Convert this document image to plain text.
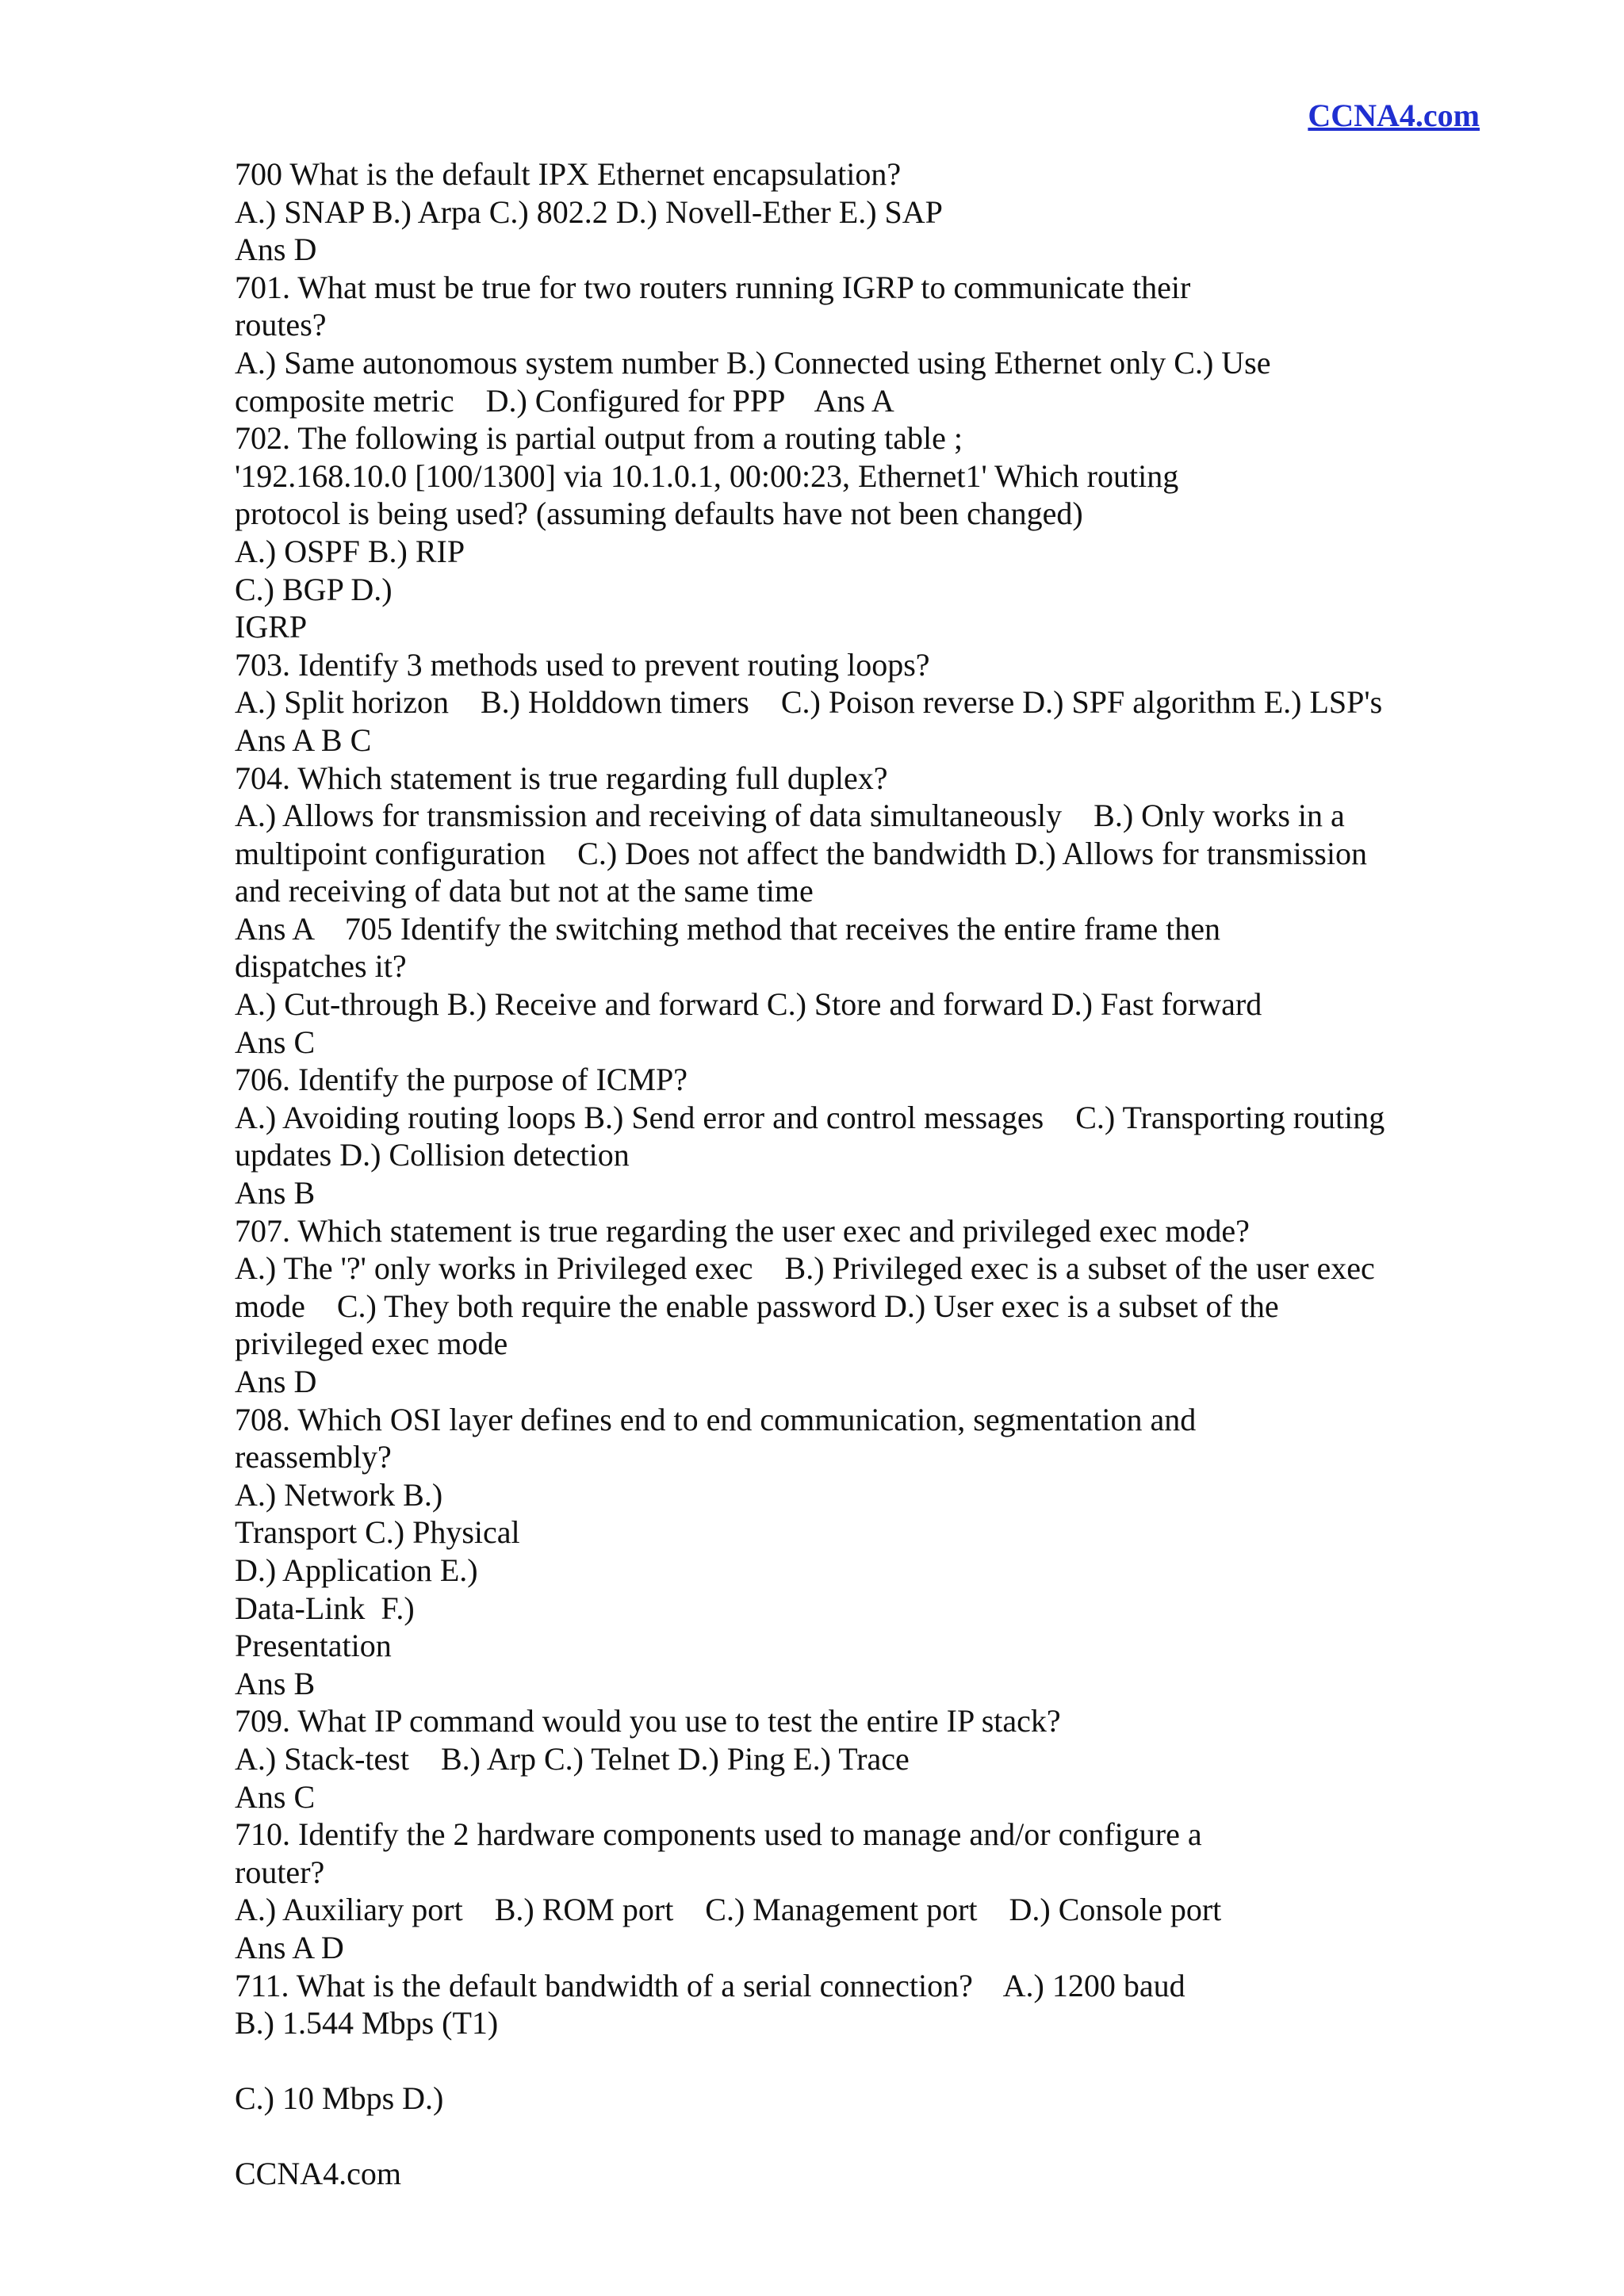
CCNA4.com
700 What is the default IPX Ethernet encapsulation?
A.) SNAP B.) Arpa C.) 802.2 D.) Novell-Ether E.) SAP
Ans D
701. What must be true for two routers running IGRP to communicate their
routes?
A.) Same autonomous system number B.) Connected using Ethernet only C.) Use
composite metric    D.) Configured for PPP    Ans A
702. The following is partial output from a routing table ;
'192.168.10.0 [100/1300] via 10.1.0.1, 00:00:23, Ethernet1' Which routing
protocol is being used? (assuming defaults have not been changed)
A.) OSPF B.) RIP
C.) BGP D.)
IGRP
703. Identify 3 methods used to prevent routing loops?
A.) Split horizon    B.) Holddown timers    C.) Poison reverse D.) SPF algorithm E.) LSP's
Ans A B C
704. Which statement is true regarding full duplex?
A.) Allows for transmission and receiving of data simultaneously    B.) Only works in a
multipoint configuration    C.) Does not affect the bandwidth D.) Allows for transmission
and receiving of data but not at the same time
Ans A    705 Identify the switching method that receives the entire frame then
dispatches it?
A.) Cut-through B.) Receive and forward C.) Store and forward D.) Fast forward
Ans C
706. Identify the purpose of ICMP?
A.) Avoiding routing loops B.) Send error and control messages    C.) Transporting routing
updates D.) Collision detection
Ans B
707. Which statement is true regarding the user exec and privileged exec mode?
A.) The '?' only works in Privileged exec    B.) Privileged exec is a subset of the user exec
mode    C.) They both require the enable password D.) User exec is a subset of the
privileged exec mode
Ans D
708. Which OSI layer defines end to end communication, segmentation and
reassembly?
A.) Network B.)
Transport C.) Physical
D.) Application E.)
Data-Link  F.)
Presentation
Ans B
709. What IP command would you use to test the entire IP stack?
A.) Stack-test    B.) Arp C.) Telnet D.) Ping E.) Trace
Ans C
710. Identify the 2 hardware components used to manage and/or configure a
router?
A.) Auxiliary port    B.) ROM port    C.) Management port    D.) Console port
Ans A D
711. What is the default bandwidth of a serial connection?    A.) 1200 baud
B.) 1.544 Mbps (T1)
C.) 10 Mbps D.)
CCNA4.com
